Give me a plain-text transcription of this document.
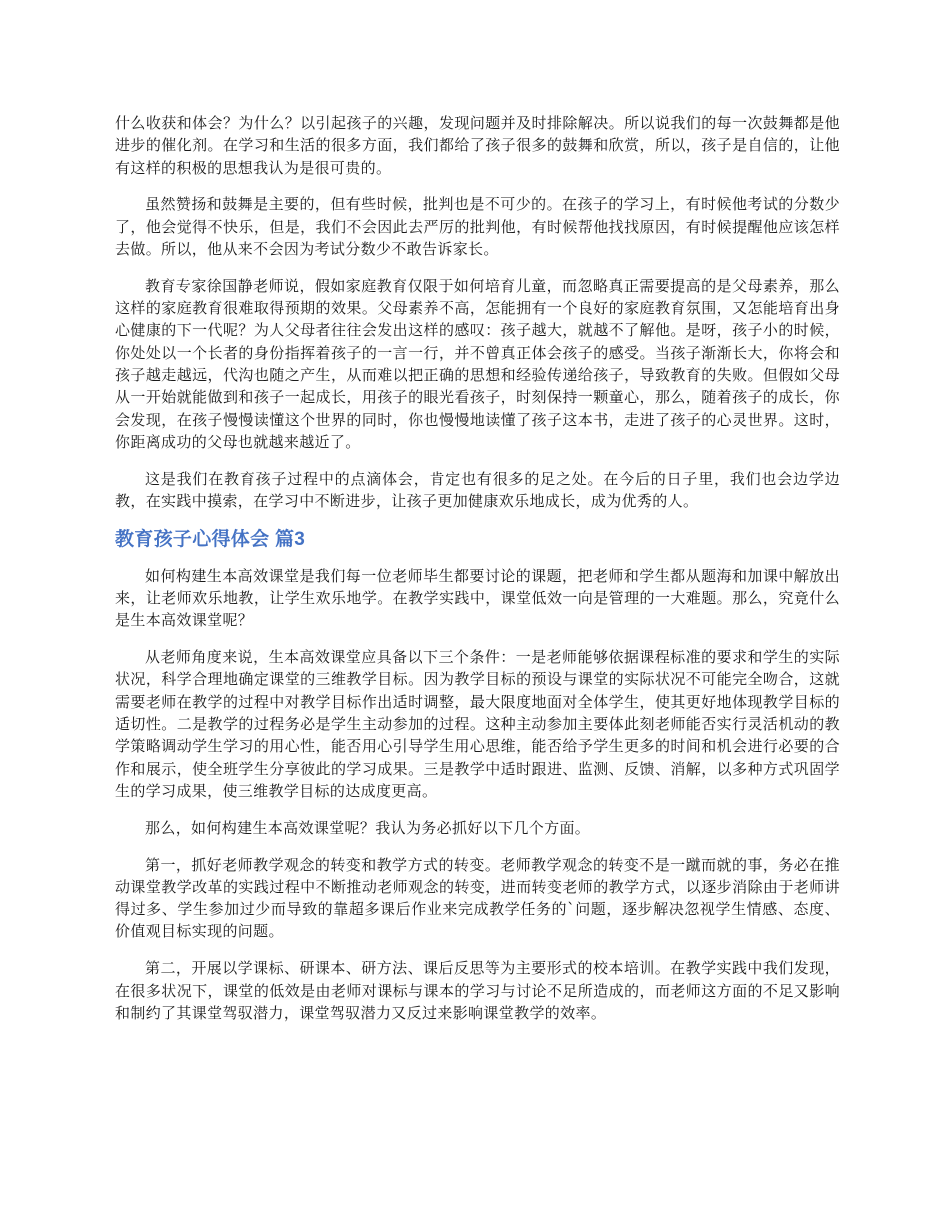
什么收获和体会？为什么？以引起孩子的兴趣，发现问题并及时排除解决。所以说我们的每一次鼓舞都是他进步的催化剂。在学习和生活的很多方面，我们都给了孩子很多的鼓舞和欣赏，所以，孩子是自信的，让他有这样的积极的思想我认为是很可贵的。

虽然赞扬和鼓舞是主要的，但有些时候，批判也是不可少的。在孩子的学习上，有时候他考试的分数少了，他会觉得不快乐，但是，我们不会因此去严厉的批判他，有时候帮他找找原因，有时候提醒他应该怎样去做。所以，他从来不会因为考试分数少不敢告诉家长。

教育专家徐国静老师说，假如家庭教育仅限于如何培育儿童，而忽略真正需要提高的是父母素养，那么这样的家庭教育很难取得预期的效果。父母素养不高，怎能拥有一个良好的家庭教育氛围，又怎能培育出身心健康的下一代呢？为人父母者往往会发出这样的感叹：孩子越大，就越不了解他。是呀，孩子小的时候，你处处以一个长者的身份指挥着孩子的一言一行，并不曾真正体会孩子的感受。当孩子渐渐长大，你将会和孩子越走越远，代沟也随之产生，从而难以把正确的思想和经验传递给孩子，导致教育的失败。但假如父母从一开始就能做到和孩子一起成长，用孩子的眼光看孩子，时刻保持一颗童心，那么，随着孩子的成长，你会发现，在孩子慢慢读懂这个世界的同时，你也慢慢地读懂了孩子这本书，走进了孩子的心灵世界。这时，你距离成功的父母也就越来越近了。

这是我们在教育孩子过程中的点滴体会，肯定也有很多的足之处。在今后的日子里，我们也会边学边教，在实践中摸索，在学习中不断进步，让孩子更加健康欢乐地成长，成为优秀的人。

教育孩子心得体会 篇3

如何构建生本高效课堂是我们每一位老师毕生都要讨论的课题，把老师和学生都从题海和加课中解放出来，让老师欢乐地教，让学生欢乐地学。在教学实践中，课堂低效一向是管理的一大难题。那么，究竟什么是生本高效课堂呢？

从老师角度来说，生本高效课堂应具备以下三个条件：一是老师能够依据课程标准的要求和学生的实际状况，科学合理地确定课堂的三维教学目标。因为教学目标的预设与课堂的实际状况不可能完全吻合，这就需要老师在教学的过程中对教学目标作出适时调整，最大限度地面对全体学生，使其更好地体现教学目标的适切性。二是教学的过程务必是学生主动参加的过程。这种主动参加主要体此刻老师能否实行灵活机动的教学策略调动学生学习的用心性，能否用心引导学生用心思维，能否给予学生更多的时间和机会进行必要的合作和展示，使全班学生分享彼此的学习成果。三是教学中适时跟进、监测、反馈、消解，以多种方式巩固学生的学习成果，使三维教学目标的达成度更高。

那么，如何构建生本高效课堂呢？我认为务必抓好以下几个方面。

第一，抓好老师教学观念的转变和教学方式的转变。老师教学观念的转变不是一蹴而就的事，务必在推动课堂教学改革的实践过程中不断推动老师观念的转变，进而转变老师的教学方式，以逐步消除由于老师讲得过多、学生参加过少而导致的靠超多课后作业来完成教学任务的`问题，逐步解决忽视学生情感、态度、价值观目标实现的问题。

第二，开展以学课标、研课本、研方法、课后反思等为主要形式的校本培训。在教学实践中我们发现，在很多状况下，课堂的低效是由老师对课标与课本的学习与讨论不足所造成的，而老师这方面的不足又影响和制约了其课堂驾驭潜力，课堂驾驭潜力又反过来影响课堂教学的效率。
